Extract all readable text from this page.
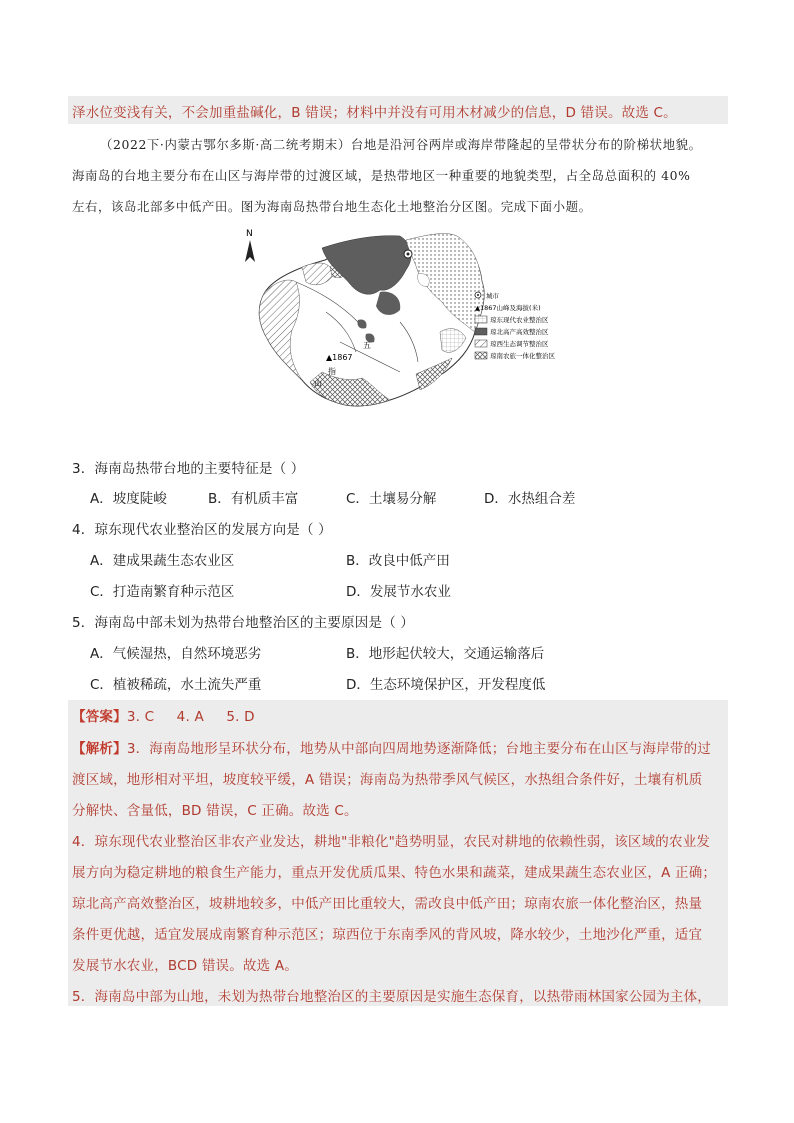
泽水位变浅有关，不会加重盐碱化，B 错误；材料中并没有可用木材减少的信息，D 错误。故选 C。
（2022下·内蒙古鄂尔多斯·高二统考期末）台地是沿河谷两岸或海岸带隆起的呈带状分布的阶梯状地貌。
海南岛的台地主要分布在山区与海岸带的过渡区域，是热带地区一种重要的地貌类型，占全岛总面积的 40%
左右，该岛北部多中低产田。图为海南岛热带台地生态化土地整治分区图。完成下面小题。
N
▲1867
五
指
山
城市
▲1867山峰及海拔(米)
琼东现代农业整治区
琼北高产高效整治区
琼西生态调节整治区
琼南农旅一体化整治区
3．海南岛热带台地的主要特征是（ ）
A．坡度陡峻	B．有机质丰富	C．土壤易分解	D．水热组合差
4．琼东现代农业整治区的发展方向是（ ）
A．建成果蔬生态农业区	B．改良中低产田
C．打造南繁育种示范区	D．发展节水农业
5．海南岛中部未划为热带台地整治区的主要原因是（ ）
A．气候湿热，自然环境恶劣	B．地形起伏较大，交通运输落后
C．植被稀疏，水土流失严重	D．生态环境保护区，开发程度低
【答案】3. C     4. A     5. D
【解析】3．海南岛地形呈环状分布，地势从中部向四周地势逐渐降低；台地主要分布在山区与海岸带的过
渡区域，地形相对平坦，坡度较平缓，A 错误；海南岛为热带季风气候区，水热组合条件好，土壤有机质
分解快、含量低，BD 错误，C 正确。故选 C。
4．琼东现代农业整治区非农产业发达，耕地"非粮化"趋势明显，农民对耕地的依赖性弱，该区域的农业发
展方向为稳定耕地的粮食生产能力，重点开发优质瓜果、特色水果和蔬菜，建成果蔬生态农业区，A 正确；
琼北高产高效整治区，坡耕地较多，中低产田比重较大，需改良中低产田；琼南农旅一体化整治区，热量
条件更优越，适宜发展成南繁育种示范区；琼西位于东南季风的背风坡，降水较少，土地沙化严重，适宜
发展节水农业，BCD 错误。故选 A。
5．海南岛中部为山地，未划为热带台地整治区的主要原因是实施生态保育，以热带雨林国家公园为主体，
